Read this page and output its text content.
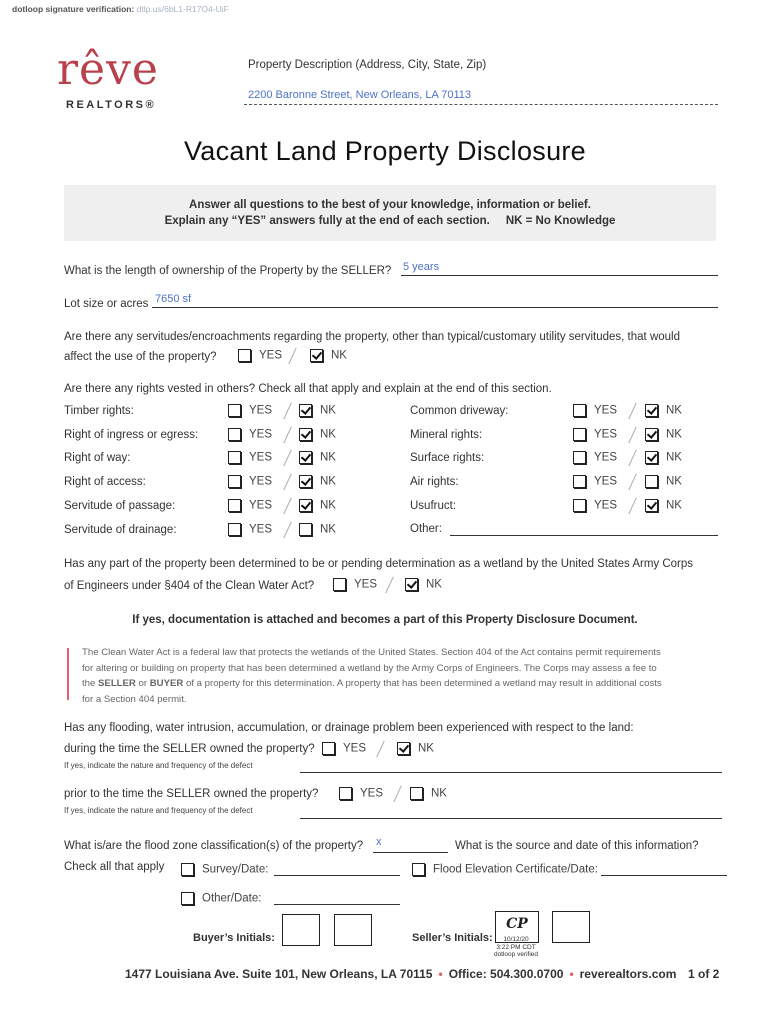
dotloop signature verification: dtlp.us/6bL1-R17O4-UiF
rêve
REALTORS®
Property Description (Address, City, State, Zip)
2200 Baronne Street, New Orleans, LA 70113
Vacant Land Property Disclosure
Answer all questions to the best of your knowledge, information or belief.
Explain any “YES” answers fully at the end of each section. NK = No Knowledge
What is the length of ownership of the Property by the SELLER? 5 years
Lot size or acres 7650 sf
Are there any servitudes/encroachments regarding the property, other than typical/customary utility servitudes, that would
affect the use of the property?	YES	NK
Are there any rights vested in others? Check all that apply and explain at the end of this section.
Timber rights:	YES	NK
Right of ingress or egress:	YES	NK
Right of way:	YES	NK
Right of access:	YES	NK
Servitude of passage:	YES	NK
Servitude of drainage:	YES	NK
Common driveway:	YES	NK
Mineral rights:	YES	NK
Surface rights:	YES	NK
Air rights:	YES	NK
Usufruct:	YES	NK
Other:
Has any part of the property been determined to be or pending determination as a wetland by the United States Army Corps
of Engineers under §404 of the Clean Water Act?	YES	NK
If yes, documentation is attached and becomes a part of this Property Disclosure Document.
The Clean Water Act is a federal law that protects the wetlands of the United States. Section 404 of the Act contains permit requirements
for altering or building on property that has been determined a wetland by the Army Corps of Engineers. The Corps may assess a fee to
the SELLER or BUYER of a property for this determination. A property that has been determined a wetland may result in additional costs
for a Section 404 permit.
Has any flooding, water intrusion, accumulation, or drainage problem been experienced with respect to the land:
during the time the SELLER owned the property?	YES	NK
If yes, indicate the nature and frequency of the defect
prior to the time the SELLER owned the property?	YES	NK
If yes, indicate the nature and frequency of the defect
What is/are the flood zone classification(s) of the property? x	What is the source and date of this information?
Check all that apply	Survey/Date:	Flood Elevation Certificate/Date:
Other/Date:
Buyer’s Initials:	Seller’s Initials:
CP
10/12/20
3:22 PM CDT
dotloop verified
1477 Louisiana Ave. Suite 101, New Orleans, LA 70115 • Office: 504.300.0700 • reverealtors.com 1 of 2
